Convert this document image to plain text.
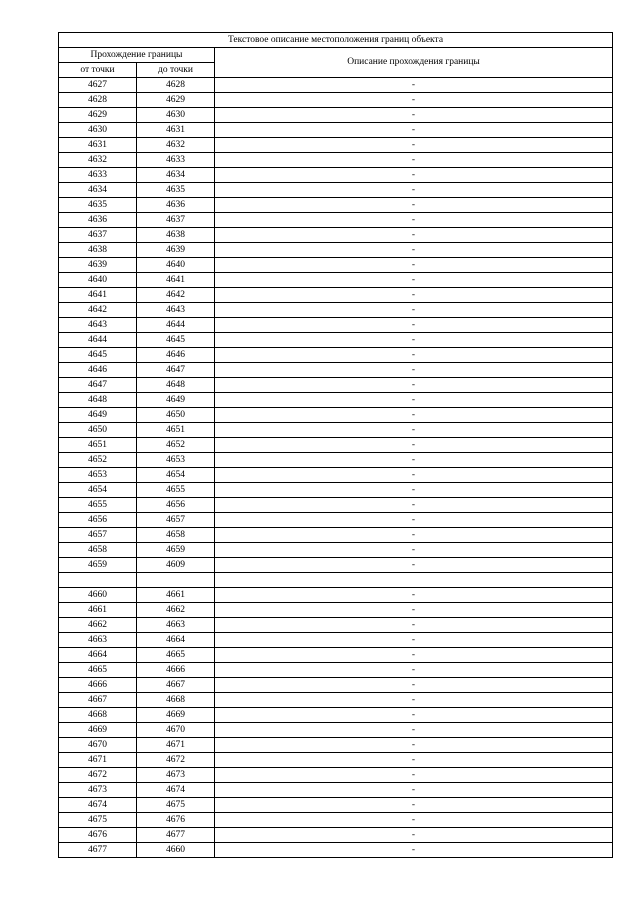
Текстовое описание местоположения границ объекта		
Прохождение границы		Описание прохождения границы
от точки	до точки	
4627	4628	-
4628	4629	-
4629	4630	-
4630	4631	-
4631	4632	-
4632	4633	-
4633	4634	-
4634	4635	-
4635	4636	-
4636	4637	-
4637	4638	-
4638	4639	-
4639	4640	-
4640	4641	-
4641	4642	-
4642	4643	-
4643	4644	-
4644	4645	-
4645	4646	-
4646	4647	-
4647	4648	-
4648	4649	-
4649	4650	-
4650	4651	-
4651	4652	-
4652	4653	-
4653	4654	-
4654	4655	-
4655	4656	-
4656	4657	-
4657	4658	-
4658	4659	-
4659	4609	-

4660	4661	-
4661	4662	-
4662	4663	-
4663	4664	-
4664	4665	-
4665	4666	-
4666	4667	-
4667	4668	-
4668	4669	-
4669	4670	-
4670	4671	-
4671	4672	-
4672	4673	-
4673	4674	-
4674	4675	-
4675	4676	-
4676	4677	-
4677	4660	-
